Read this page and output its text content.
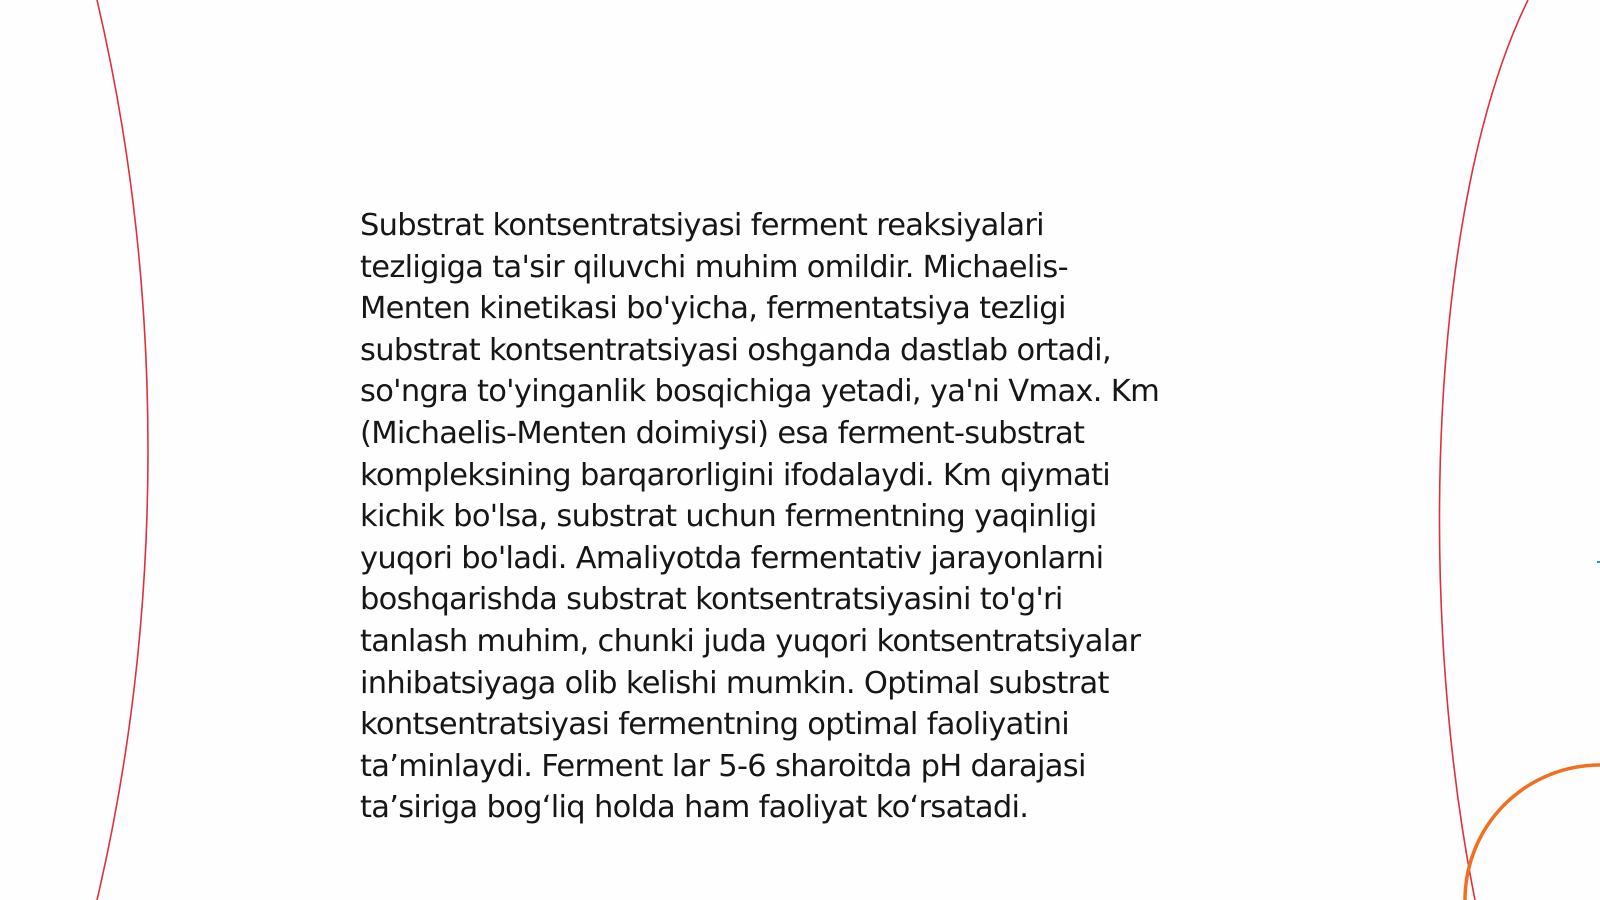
Substrat kontsentratsiyasi ferment reaksiyalari
tezligiga ta'sir qiluvchi muhim omildir. Michaelis-
Menten kinetikasi bo'yicha, fermentatsiya tezligi
substrat kontsentratsiyasi oshganda dastlab ortadi,
so'ngra to'yinganlik bosqichiga yetadi, ya'ni Vmax. Km
(Michaelis-Menten doimiysi) esa ferment-substrat
kompleksining barqarorligini ifodalaydi. Km qiymati
kichik bo'lsa, substrat uchun fermentning yaqinligi
yuqori bo'ladi. Amaliyotda fermentativ jarayonlarni
boshqarishda substrat kontsentratsiyasini to'g'ri
tanlash muhim, chunki juda yuqori kontsentratsiyalar
inhibatsiyaga olib kelishi mumkin. Optimal substrat
kontsentratsiyasi fermentning optimal faoliyatini
ta’minlaydi. Ferment lar 5-6 sharoitda pH darajasi
ta’siriga bog‘liq holda ham faoliyat ko‘rsatadi.
